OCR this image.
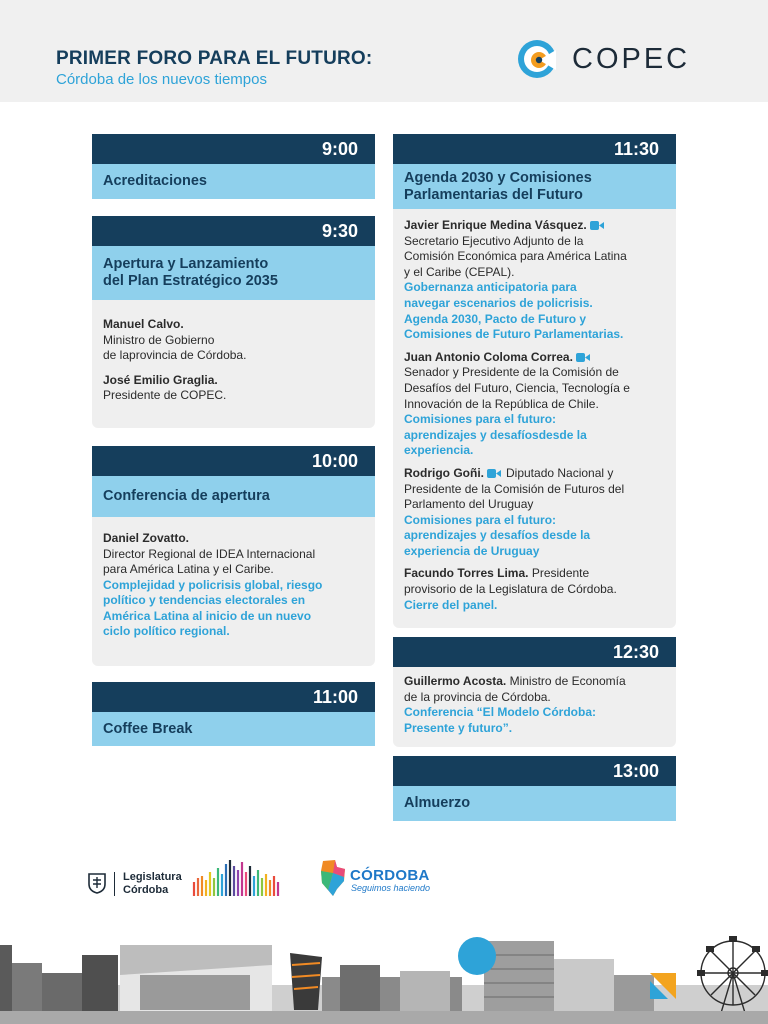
PRIMER FORO PARA EL FUTURO:
Córdoba de los nuevos tiempos
COPEC
9:00
Acreditaciones
9:30
Apertura y Lanzamiento
del Plan Estratégico 2035
Manuel Calvo.
Ministro de Gobierno
de laprovincia de Córdoba.
José Emilio Graglia.
Presidente de COPEC.
10:00
Conferencia de apertura
Daniel Zovatto.
Director Regional de IDEA Internacional
para América Latina y el Caribe.
Complejidad y policrisis global, riesgo
político y tendencias electorales en
América Latina al inicio de un nuevo
ciclo político regional.
11:00
Coffee Break
11:30
Agenda 2030 y Comisiones
Parlamentarias del Futuro
Javier Enrique Medina Vásquez.
Secretario Ejecutivo Adjunto de la
Comisión Económica para América Latina
y el Caribe (CEPAL).
Gobernanza anticipatoria para
navegar escenarios de policrisis.
Agenda 2030, Pacto de Futuro y
Comisiones de Futuro Parlamentarias.
Juan Antonio Coloma Correa.
Senador y Presidente de la Comisión de
Desafíos del Futuro, Ciencia, Tecnología e
Innovación de la República de Chile.
Comisiones para el futuro:
aprendizajes y desafíosdesde la
experiencia.
Rodrigo Goñi. Diputado Nacional y
Presidente de la Comisión de Futuros del
Parlamento del Uruguay
Comisiones para el futuro:
aprendizajes y desafíos desde la
experiencia de Uruguay
Facundo Torres Lima. Presidente
provisorio de la Legislatura de Córdoba.
Cierre del panel.
12:30
Guillermo Acosta. Ministro de Economía
de la provincia de Córdoba.
Conferencia “El Modelo Córdoba:
Presente y futuro”.
13:00
Almuerzo
Legislatura
Córdoba
CÓRDOBA
Seguimos haciendo
